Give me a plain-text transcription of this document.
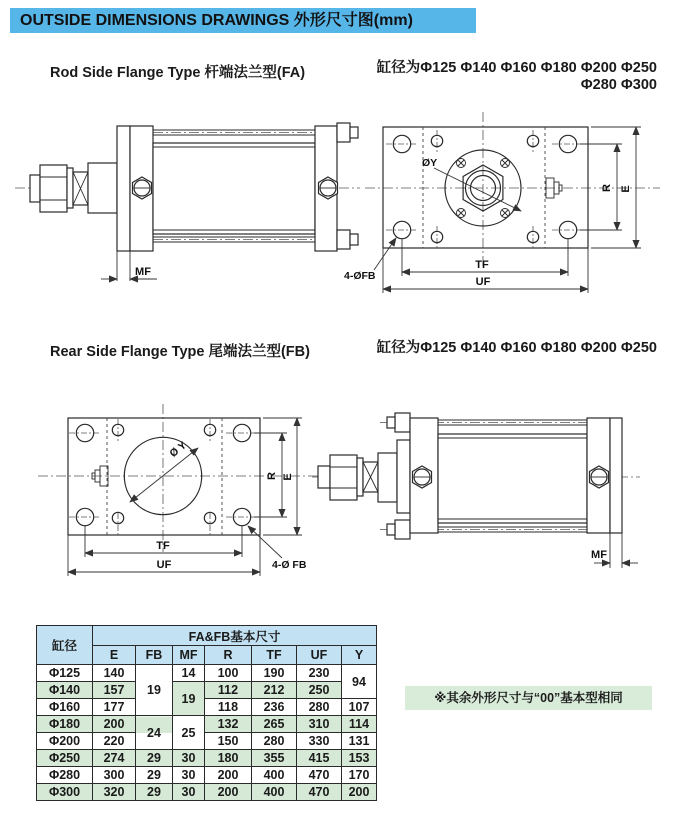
OUTSIDE DIMENSIONS DRAWINGS 外形尺寸图(mm)
Rod Side Flange Type 杆端法兰型(FA)	缸径为Φ125 Φ140 Φ160 Φ180 Φ200 Φ250
Φ280 Φ300
MF
ØY
R E
TF
UF
4-ØFB
Rear Side Flange Type 尾端法兰型(FB)	缸径为Φ125 Φ140 Φ160 Φ180 Φ200 Φ250
Ø Y
R E
TF
UF	4-Ø FB
MF
缸径	FA&FB基本尺寸						
	E	FB	MF	R	TF	UF	Y
Φ125	140	19	14	100	190	230	94
Φ140	157		19	112	212	250	
Φ160	177			118	236	280	107
Φ180	200	24	25	132	265	310	114
Φ200	220			150	280	330	131
Φ250	274	29	30	180	355	415	153
Φ280	300	29	30	200	400	470	170
Φ300	320	29	30	200	400	470	200
※其余外形尺寸与“00”基本型相同
